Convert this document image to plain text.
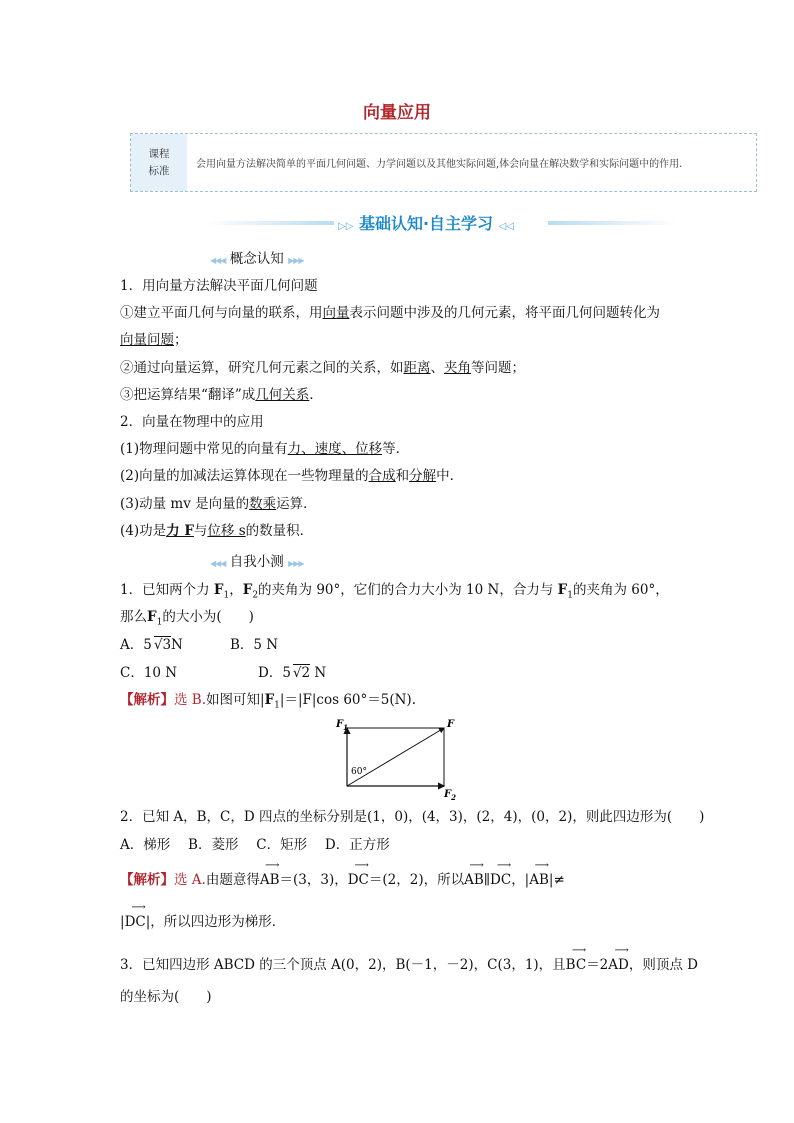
向量应用
课程
标准	会用向量方法解决简单的平面几何问题、力学问题以及其他实际问题,体会向量在解决数学和实际问题中的作用.
▷▷ 基础认知·自主学习 ◁◁
◀◀◀ 概念认知 ▶▶▶
1．用向量方法解决平面几何问题
①建立平面几何与向量的联系，用向量表示问题中涉及的几何元素，将平面几何问题转化为
向量问题；
②通过向量运算，研究几何元素之间的关系，如距离、夹角等问题；
③把运算结果“翻译”成几何关系．
2．向量在物理中的应用
(1)物理问题中常见的向量有力、速度、位移等．
(2)向量的加减法运算体现在一些物理量的合成和分解中．
(3)动量 mv 是向量的数乘运算．
(4)功是力 F与位移 s的数量积．
◀◀◀ 自我小测 ▶▶▶
1．已知两个力 $F_1$，$F_2$的夹角为 90°，它们的合力大小为 10 N，合力与 $F_1$的夹角为 60°，
那么$F_1$的大小为(　　)
A．5 √3N	B．5 N
C．10 N	D．5 √2 N
【解析】选 B.如图可知$|F_1|=|F|\cos$ 60°＝5(N).
$F_1$	F
$F_2$
60°
2．已知 A，B，C，D 四点的坐标分别是(1，0)，(4，3)，(2，4)，(0，2)，则此四边形为(　　)
A．梯形　 B．菱形　 C．矩形　 D．正方形
【解析】选 A.由题意得
⟶
AB＝(3，3)，
⟶
DC＝(2，2)，所以
⟶
AB∥
⟶
DC，|
⟶
AB|≠
|
⟶
DC|，所以四边形为梯形．
3．已知四边形 ABCD 的三个顶点 A(0，2)，B(－1，－2)，C(3，1)，且
⟶
BC＝2
⟶
AD，则顶点 D
的坐标为(　　)
